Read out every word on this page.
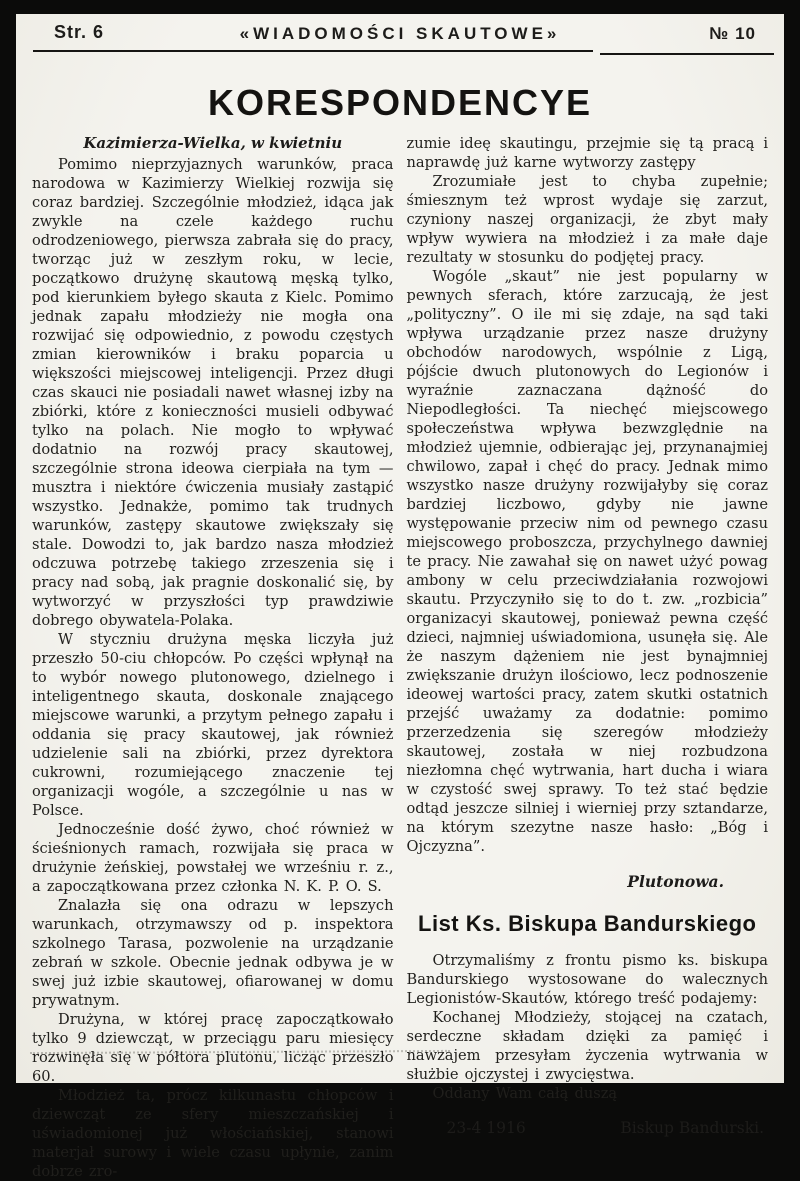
Str. 6	«WIADOMOŚCI SKAUTOWE»	№ 10
KORESPONDENCYE

Kazimierza-Wielka, w kwietniu

Pomimo nieprzyjaznych warunków, praca narodowa w Kazimierzy Wielkiej rozwija się coraz bardziej. Szczególnie młodzież, idąca jak zwykle na czele każdego ruchu odrodzeniowego, pierwsza zabrała się do pracy, tworząc już w zeszłym roku, w lecie, początkowo drużynę skautową męską tylko, pod kierunkiem byłego skauta z Kielc. Pomimo jednak zapału młodzieży nie mogła ona rozwijać się odpowiednio, z powodu częstych zmian kierowników i braku poparcia u większości miejscowej inteligencji. Przez długi czas skauci nie posiadali nawet własnej izby na zbiórki, które z konieczności musieli odbywać tylko na polach. Nie mogło to wpływać dodatnio na rozwój pracy skautowej, szczególnie strona ideowa cierpiała na tym — musztra i niektóre ćwiczenia musiały zastąpić wszystko. Jednakże, pomimo tak trudnych warunków, zastępy skautowe zwiększały się stale. Dowodzi to, jak bardzo nasza młodzież odczuwa potrzebę takiego zrzeszenia się i pracy nad sobą, jak pragnie doskonalić się, by wytworzyć w przyszłości typ prawdziwie dobrego obywatela-Polaka.

W styczniu drużyna męska liczyła już przeszło 50-ciu chłopców. Po części wpłynął na to wybór nowego plutonowego, dzielnego i inteligentnego skauta, doskonale znającego miejscowe warunki, a przytym pełnego zapału i oddania się pracy skautowej, jak również udzielenie sali na zbiórki, przez dyrektora cukrowni, rozumiejącego znaczenie tej organizacji wogóle, a szczególnie u nas w Polsce.

Jednocześnie dość żywo, choć również w ścieśnionych ramach, rozwijała się praca w drużynie żeńskiej, powstałej we wrześniu r. z., a zapoczątkowana przez członka N. K. P. O. S.

Znalazła się ona odrazu w lepszych warunkach, otrzymawszy od p. inspektora szkolnego Tarasa, pozwolenie na urządzanie zebrań w szkole. Obecnie jednak odbywa je w swej już izbie skautowej, ofiarowanej w domu prywatnym.

Drużyna, w której pracę zapoczątkowało tylko 9 dziewcząt, w przeciągu paru miesięcy rozwinęła się w półtora plutonu, licząc przeszło 60.

Młodzież ta, prócz kilkunastu chłopców i dziewcząt ze sfery mieszczańskiej i uświadomionej już włościańskiej, stanowi materjał surowy i wiele czasu upłynie, zanim dobrze zro-

zumie ideę skautingu, przejmie się tą pracą i naprawdę już karne wytworzy zastępy

Zrozumiałe jest to chyba zupełnie; śmiesznym też wprost wydaje się zarzut, czyniony naszej organizacji, że zbyt mały wpływ wywiera na młodzież i za małe daje rezultaty w stosunku do podjętej pracy.

Wogóle „skaut” nie jest popularny w pewnych sferach, które zarzucają, że jest „polityczny”. O ile mi się zdaje, na sąd taki wpływa urządzanie przez nasze drużyny obchodów narodowych, wspólnie z Ligą, pójście dwuch plutonowych do Legionów i wyraźnie zaznaczana dążność do Niepodległości. Ta niechęć miejscowego społeczeństwa wpływa bezwzględnie na młodzież ujemnie, odbierając jej, przynanajmiej chwilowo, zapał i chęć do pracy. Jednak mimo wszystko nasze drużyny rozwijałyby się coraz bardziej liczbowo, gdyby nie jawne występowanie przeciw nim od pewnego czasu miejscowego proboszcza, przychylnego dawniej te pracy. Nie zawahał się on nawet użyć powag ambony w celu przeciwdziałania rozwojowi skautu. Przyczyniło się to do t. zw. „rozbicia” organizacyi skautowej, ponieważ pewna część dzieci, najmniej uświadomiona, usunęła się. Ale że naszym dążeniem nie jest bynajmniej zwiększanie drużyn ilościowo, lecz podnoszenie ideowej wartości pracy, zatem skutki ostatnich przejść uważamy za dodatnie: pomimo przerzedzenia się szeregów młodzieży skautowej, została w niej rozbudzona niezłomna chęć wytrwania, hart ducha i wiara w czystość swej sprawy. To też stać będzie odtąd jeszcze silniej i wierniej przy sztandarze, na którym szezytne nasze hasło: „Bóg i Ojczyzna”.

Plutonowa.

List Ks. Biskupa Bandurskiego

Otrzymaliśmy z frontu pismo ks. biskupa Bandurskiego wystosowane do walecznych Legionistów-Skautów, którego treść podajemy:

Kochanej Młodzieży, stojącej na czatach, serdeczne składam dzięki za pamięć i nawzajem przesyłam życzenia wytrwania w służbie ojczystej i zwycięstwa.

Oddany Wam całą duszą

23-4 1916	Biskup Bandurski.
